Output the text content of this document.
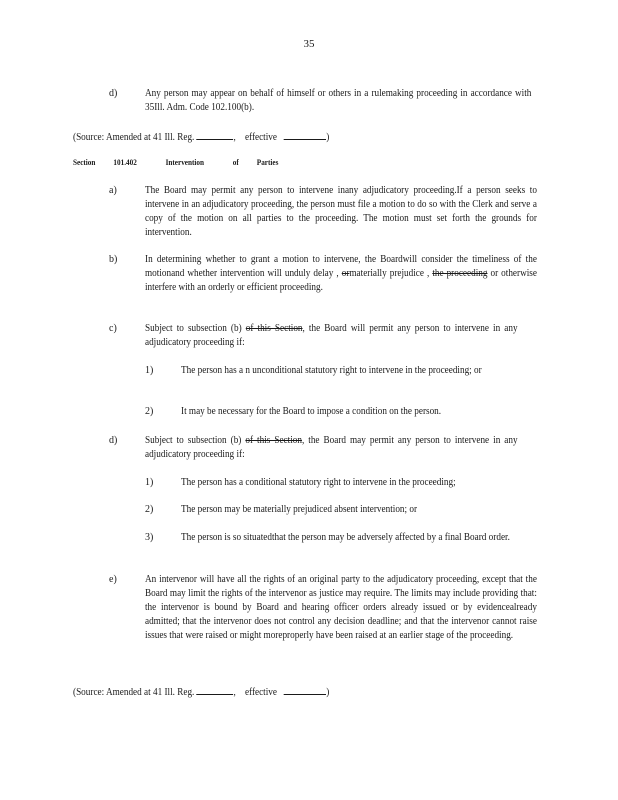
35
d)	Any person may appear on behalf of himself or others in a rulemaking proceeding in accordance with 35Ill. Adm. Code 102.100(b).

(Source: Amended at 41 Ill. Reg.	,    effective	)
Section 101.402	Intervention	of Parties
a)	The Board may permit any person to intervene inany adjudicatory proceeding.If a person seeks to intervene in an adjudicatory proceeding, the person must file a motion to do so with the Clerk and serve a copy of the motion on all parties to the proceeding. The motion must set forth the grounds for intervention.

b)	In determining whether to grant a motion to intervene, the Boardwill consider the timeliness of the motionand whether intervention will unduly delay , ormaterially prejudice , the proceeding or otherwise interfere with an orderly or efficient proceeding.

c)	Subject to subsection (b) of this Section, the Board will permit any person to intervene in any adjudicatory proceeding if:

1)	The person has a n unconditional statutory right to intervene in the proceeding; or

2)	It may be necessary for the Board to impose a condition on the person.

d)	Subject to subsection (b) of this Section, the Board may permit any person to intervene in any adjudicatory proceeding if:

1)	The person has a conditional statutory right to intervene in the proceeding;

2)	The person may be materially prejudiced absent intervention; or

3)	The person is so situatedthat the person may be adversely affected by a final Board order.

e)	An intervenor will have all the rights of an original party to the adjudicatory proceeding, except that the Board may limit the rights of the intervenor as justice may require. The limits may include providing that: the intervenor is bound by Board and hearing officer orders already issued or by evidencealready admitted; that the intervenor does not control any decision deadline; and that the intervenor cannot raise issues that were raised or might moreproperly have been raised at an earlier stage of the proceeding.

(Source: Amended at 41 Ill. Reg.	,    effective	)
